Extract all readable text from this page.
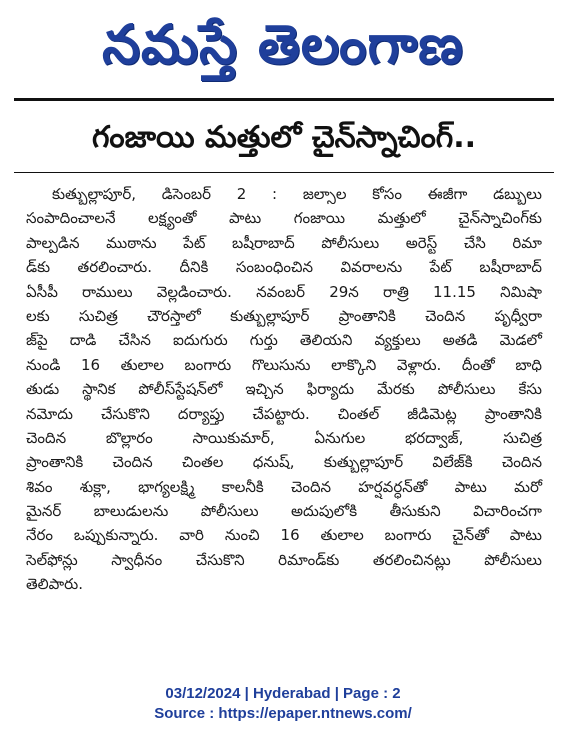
నమస్తే తెలంగాణ
గంజాయి మత్తులో చైన్‌స్నాచింగ్‌..
కుత్బుల్లాపూర్‌, డిసెంబర్‌ 2 : జల్సాల కోసం ఈజీగా డబ్బులు
సంపాదించాలనే లక్ష్యంతో పాటు గంజాయి మత్తులో చైన్‌స్నాచింగ్‌కు
పాల్పడిన ముఠాను పేట్‌ బషీరాబాద్‌ పోలీసులు అరెస్ట్‌ చేసి రిమా
డ్‌కు తరలించారు. దీనికి సంబంధించిన వివరాలను పేట్‌ బషీరాబాద్‌
ఏసీపీ రాములు వెల్లడించారు. నవంబర్‌ 29న రాత్రి 11.15 నిమిషా
లకు సుచిత్ర చౌరస్తాలో కుత్బుల్లాపూర్‌ ప్రాంతానికి చెందిన పృధ్వీరా
జ్‌పై దాడి చేసిన ఐదుగురు గుర్తు తెలియని వ్యక్తులు అతడి మెడలో
నుండి 16 తులాల బంగారు గొలుసును లాక్కొని వెళ్లారు. దీంతో బాధి
తుడు స్థానిక పోలీస్‌స్టేషన్‌లో ఇచ్చిన ఫిర్యాదు మేరకు పోలీసులు కేసు
నమోదు చేసుకొని దర్యాప్తు చేపట్టారు. చింతల్‌ జీడిమెట్ల ప్రాంతానికి
చెందిన బొల్లారం సాయికుమార్‌, ఏనుగుల భరద్వాజ్‌, సుచిత్ర
ప్రాంతానికి చెందిన చింతల ధనుష్‌, కుత్బుల్లాపూర్‌ విలేజ్‌కి చెందిన
శివం శుక్లా, భాగ్యలక్ష్మి కాలనీకి చెందిన హర్షవర్ధన్‌తో పాటు మరో
మైనర్‌ బాలుడులను పోలీసులు అదుపులోకి తీసుకుని విచారించగా
నేరం ఒప్పుకున్నారు. వారి నుంచి 16 తులాల బంగారు చైన్‌తో పాటు
సెల్‌ఫోన్లు స్వాధీనం చేసుకొని రిమాండ్‌కు తరలించినట్లు పోలీసులు
తెలిపారు.
03/12/2024 | Hyderabad | Page : 2
Source : https://epaper.ntnews.com/
